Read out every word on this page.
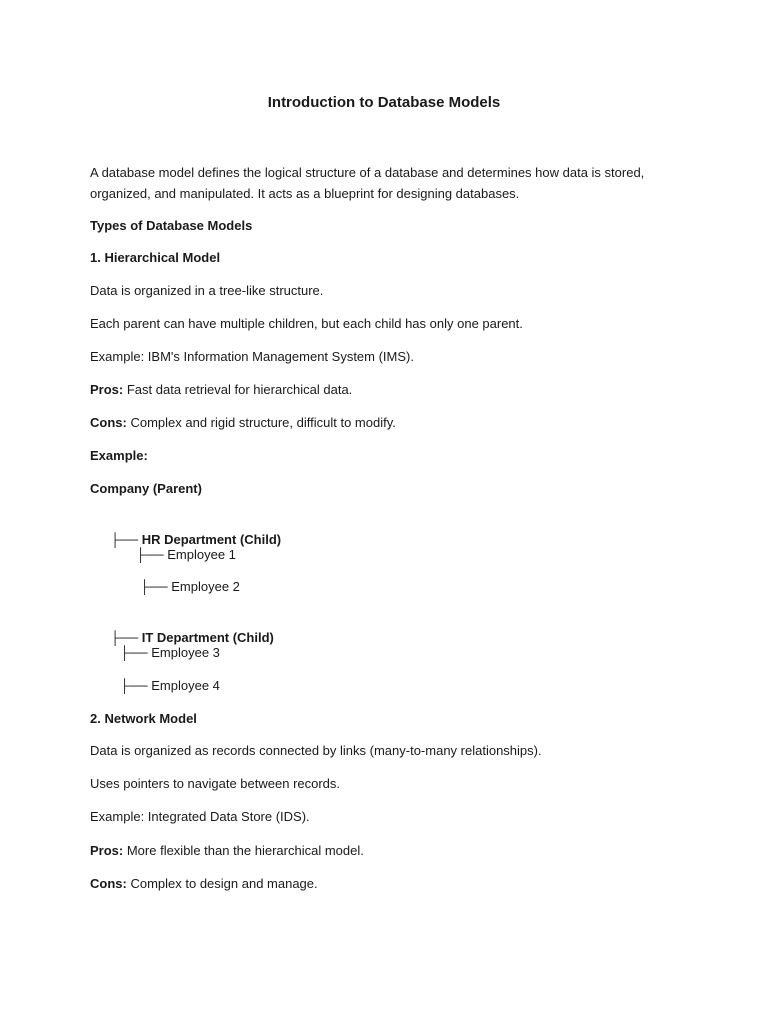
Introduction to Database Models

A database model defines the logical structure of a database and determines how data is stored, organized, and manipulated. It acts as a blueprint for designing databases.

Types of Database Models

1. Hierarchical Model

Data is organized in a tree-like structure.

Each parent can have multiple children, but each child has only one parent.

Example: IBM's Information Management System (IMS).

Pros: Fast data retrieval for hierarchical data.

Cons: Complex and rigid structure, difficult to modify.

Example:

Company (Parent)

├── HR Department (Child)

├── Employee 1

├── Employee 2

├── IT Department (Child)

├── Employee 3

├── Employee 4

2. Network Model

Data is organized as records connected by links (many-to-many relationships).

Uses pointers to navigate between records.

Example: Integrated Data Store (IDS).

Pros: More flexible than the hierarchical model.

Cons: Complex to design and manage.
